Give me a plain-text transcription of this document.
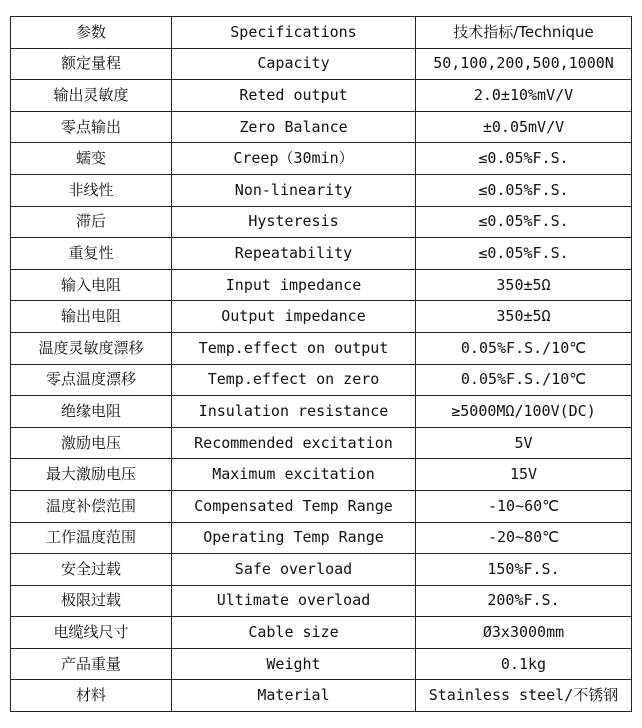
参数	Specifications	技术指标/Technique
额定量程	Capacity	50,100,200,500,1000N
输出灵敏度	Reted output	2.0±10%mV/V
零点输出	Zero Balance	±0.05mV/V
蠕变	Creep（30min）	≤0.05%F.S.
非线性	Non-linearity	≤0.05%F.S.
滞后	Hysteresis	≤0.05%F.S.
重复性	Repeatability	≤0.05%F.S.
输入电阻	Input impedance	350±5Ω
输出电阻	Output impedance	350±5Ω
温度灵敏度漂移	Temp.effect on output	0.05%F.S./10℃
零点温度漂移	Temp.effect on zero	0.05%F.S./10℃
绝缘电阻	Insulation resistance	≥5000MΩ/100V(DC)
激励电压	Recommended excitation	5V
最大激励电压	Maximum excitation	15V
温度补偿范围	Compensated Temp Range	-10~60℃
工作温度范围	Operating Temp Range	-20~80℃
安全过载	Safe overload	150%F.S.
极限过载	Ultimate overload	200%F.S.
电缆线尺寸	Cable size	Ø3x3000mm
产品重量	Weight	0.1kg
材料	Material	Stainless steel/不锈钢
